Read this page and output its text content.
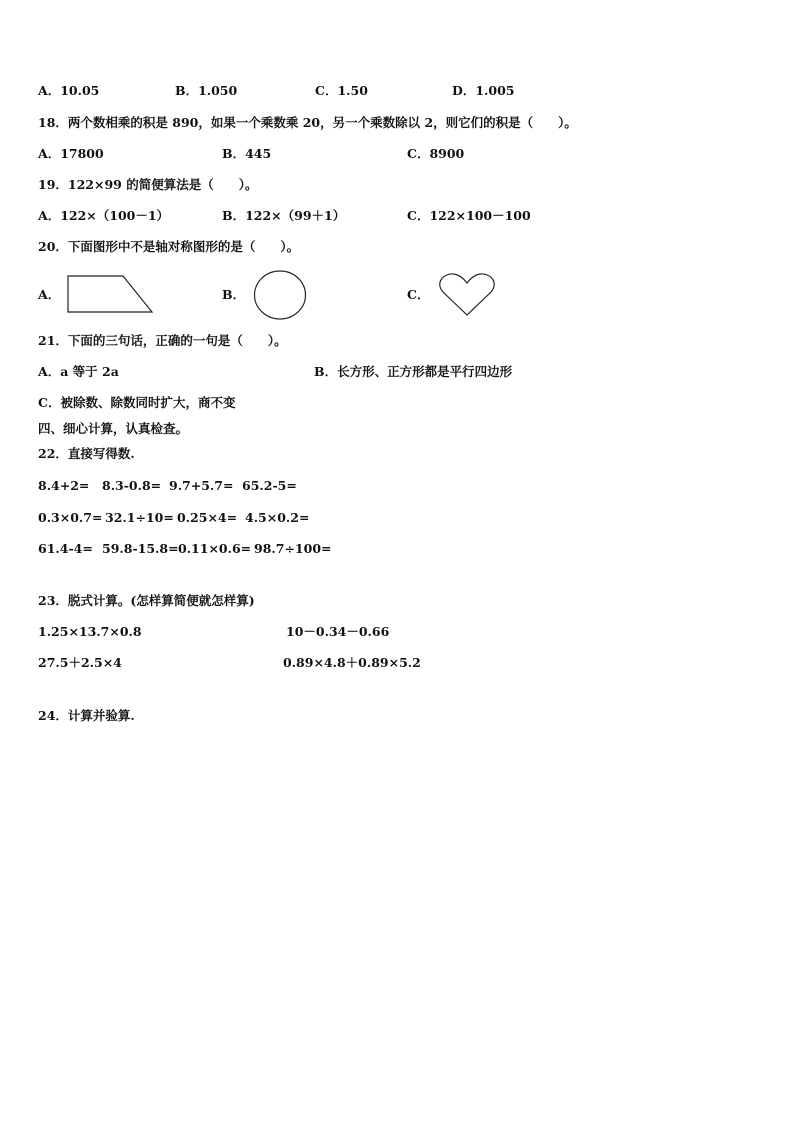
A．10.05	B．1.050	C．1.50	D．1.005
18．两个数相乘的积是 890，如果一个乘数乘 20，另一个乘数除以 2，则它们的积是（　　）。
A．17800	B．445	C．8900
19．122×99 的简便算法是（　　）。
A．122×（100－1）	B．122×（99＋1）	C．122×100－100
20．下面图形中不是轴对称图形的是（　　）。
A．	B．	C．
21．下面的三句话，正确的一句是（　　）。
A．a 等于 2a	B．长方形、正方形都是平行四边形
C．被除数、除数同时扩大，商不变
四、细心计算，认真检查。
22．直接写得数.
8.4+2= 8.3-0.8= 9.7+5.7= 65.2-5=
0.3×0.7= 32.1÷10= 0.25×4= 4.5×0.2=
61.4-4= 59.8-15.8=0.11×0.6= 98.7÷100=
23．脱式计算。(怎样算简便就怎样算)
1.25×13.7×0.8	10－0.34－0.66
27.5＋2.5×4	0.89×4.8＋0.89×5.2
24．计算并验算.
